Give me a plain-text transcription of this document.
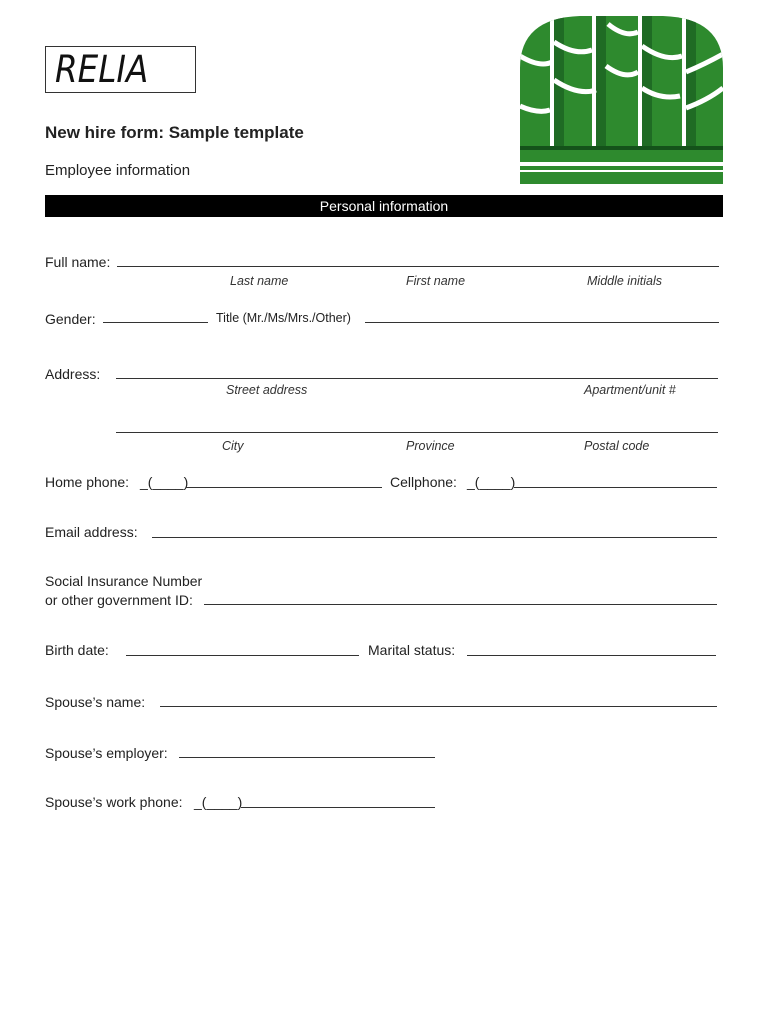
RELIA
New hire form: Sample template
Employee information
Personal information
Full name:
Last name	First name	Middle initials
Gender:	Title (Mr./Ms/Mrs./Other)
Address:
Street address	Apartment/unit #
City	Province	Postal code
Home phone: _(____)	Cellphone: _(____)
Email address:
Social Insurance Number
or other government ID:
Birth date:	Marital status:
Spouse’s name:
Spouse’s employer:
Spouse’s work phone: _(____)
